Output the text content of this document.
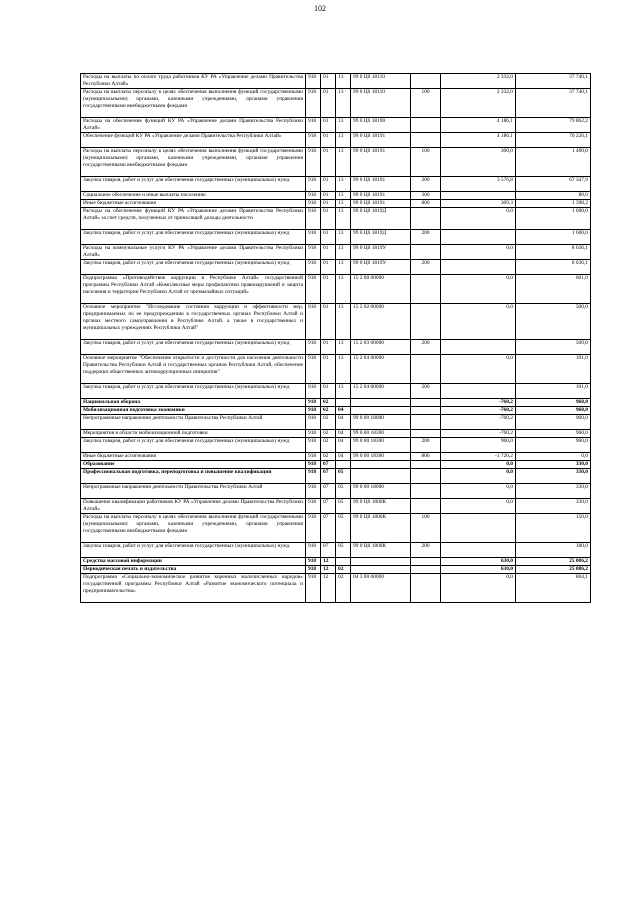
102
Расходы на выплаты по оплате труда работников КУ РА «Управление делами Правительства Республики Алтай»	918	01	13	99 0 Ц0 18110		2 332,0	37 740,1
Расходы на выплаты персоналу в целях обеспечения выполнения функций государственными (муниципальными) органами, казенными учреждениями, органами управления государственными внебюджетными фондами	918	01	13	99 0 Ц0 18110	100	2 332,0	37 740,1
Расходы на обеспечение функций КУ РА «Управление делами Правительства Республики Алтай»	918	01	13	99 0 Ц0 18190		4 186,1	79 862,2
Обеспечение функций КУ РА «Управление делами Правительства Республики Алтай»	918	01	13	99 0 Ц0 18191		4 186,1	70 226,1
Расходы на выплаты персоналу в целях обеспечения выполнения функций государственными (муниципальными) органами, казенными учреждениями, органами управления государственными внебюджетными фондами	918	01	13	99 0 Ц0 18191	100	300,0	1 400,0
Закупка товаров, работ и услуг для обеспечения государственных (муниципальных) нужд	918	01	13	99 0 Ц0 18191	200	3 576,8	67 347,9
Социальное обеспечение и иные выплаты населению	918	01	13	99 0 Ц0 18191	300		80,0
Иные бюджетные ассигнования	918	01	13	99 0 Ц0 18191	800	309,3	1 398,2
Расходы на обеспечение функций КУ РА «Управление делами Правительства Республики Алтай» за счет средств, полученных от приносящей доходы деятельности	918	01	13	99 0 Ц0 1819Д		0,0	1 600,0
Закупка товаров, работ и услуг для обеспечения государственных (муниципальных) нужд	918	01	13	99 0 Ц0 1819Д	200		1 600,0
Расходы на коммунальные услуги КУ РА «Управление делами Правительства Республики Алтай»	918	01	13	99 0 Ц0 1819У		0,0	8 036,1
Закупка товаров, работ и услуг для обеспечения государственных (муниципальных) нужд	918	01	13	99 0 Ц0 1819У	200		8 036,1
Подпрограмма «Противодействие коррупции в Республике Алтай» государственной программы Республики Алтай «Комплексные меры профилактики правонарушений и защита населения и территории Республики Алтай от чрезвычайных ситуаций»	918	01	13	15 2 00 00000		0,0	601,0
Основное мероприятие "Исследование состояния коррупции и эффективности мер, предпринимаемых по ее предупреждению в государственных органах Республики Алтай и органах местного самоуправления в Республике Алтай, а также в государственных и муниципальных учреждениях Республики Алтай"	918	01	13	15 2 02 00000		0,0	500,0
Закупка товаров, работ и услуг для обеспечения государственных (муниципальных) нужд	918	01	13	15 2 03 00000	200		500,0
Основное мероприятие "Обеспечение открытости и доступности для населения деятельности Правительства Республики Алтай и государственных органов Республики Алтай, обеспечение поддержки общественных антикоррупционных инициатив"	918	01	13	15 2 04 00000		0,0	101,0
Закупка товаров, работ и услуг для обеспечения государственных (муниципальных) нужд	918	01	13	15 2 04 00000	200		101,0
Национальная оборона	918	02				-760,2	960,0
Мобилизационная подготовка экономики	918	02	04			-760,2	960,0
Непрограммные направления деятельности Правительства Республики Алтай	918	02	04	99 0 00 18000		-760,2	960,0
Мероприятия в области мобилизационной подготовки	918	02	04	99 0 00 18300		-760,2	960,0
Закупка товаров, работ и услуг для обеспечения государственных (муниципальных) нужд	918	02	04	99 0 00 18300	200	960,0	960,0
Иные бюджетные ассигнования	918	02	04	99 0 00 18300	800	-1 720,2	0,0
Образование	918	07				0,0	330,0
Профессиональная подготовка, переподготовка и повышение квалификации	918	07	05			0,0	330,0
Непрограммные направления деятельности Правительства Республики Алтай	918	07	05	99 0 00 18000		0,0	330,0
Повышение квалификации работников КУ РА «Управление делами Правительства Республики Алтай»	918	07	05	99 0 Ц0 1800К		0,0	330,0
Расходы на выплаты персоналу в целях обеспечения выполнения функций государственными (муниципальными) органами, казенными учреждениями, органами управления государственными внебюджетными фондами	918	07	05	99 0 Ц0 1800К	100		150,0
Закупка товаров, работ и услуг для обеспечения государственных (муниципальных) нужд	918	07	05	99 0 Ц0 1800К	200		180,0
Средства массовой информации	918	12				630,0	25 086,2
Периодическая печать и издательства	918	12	02			630,0	25 086,2
Подпрограмма «Социально-экономическое развитие коренных малочисленных народов» государственной программы Республики Алтай «Развитие экономического потенциала и предпринимательства»	918	12	02	04 3 00 00000		0,0	804,1
